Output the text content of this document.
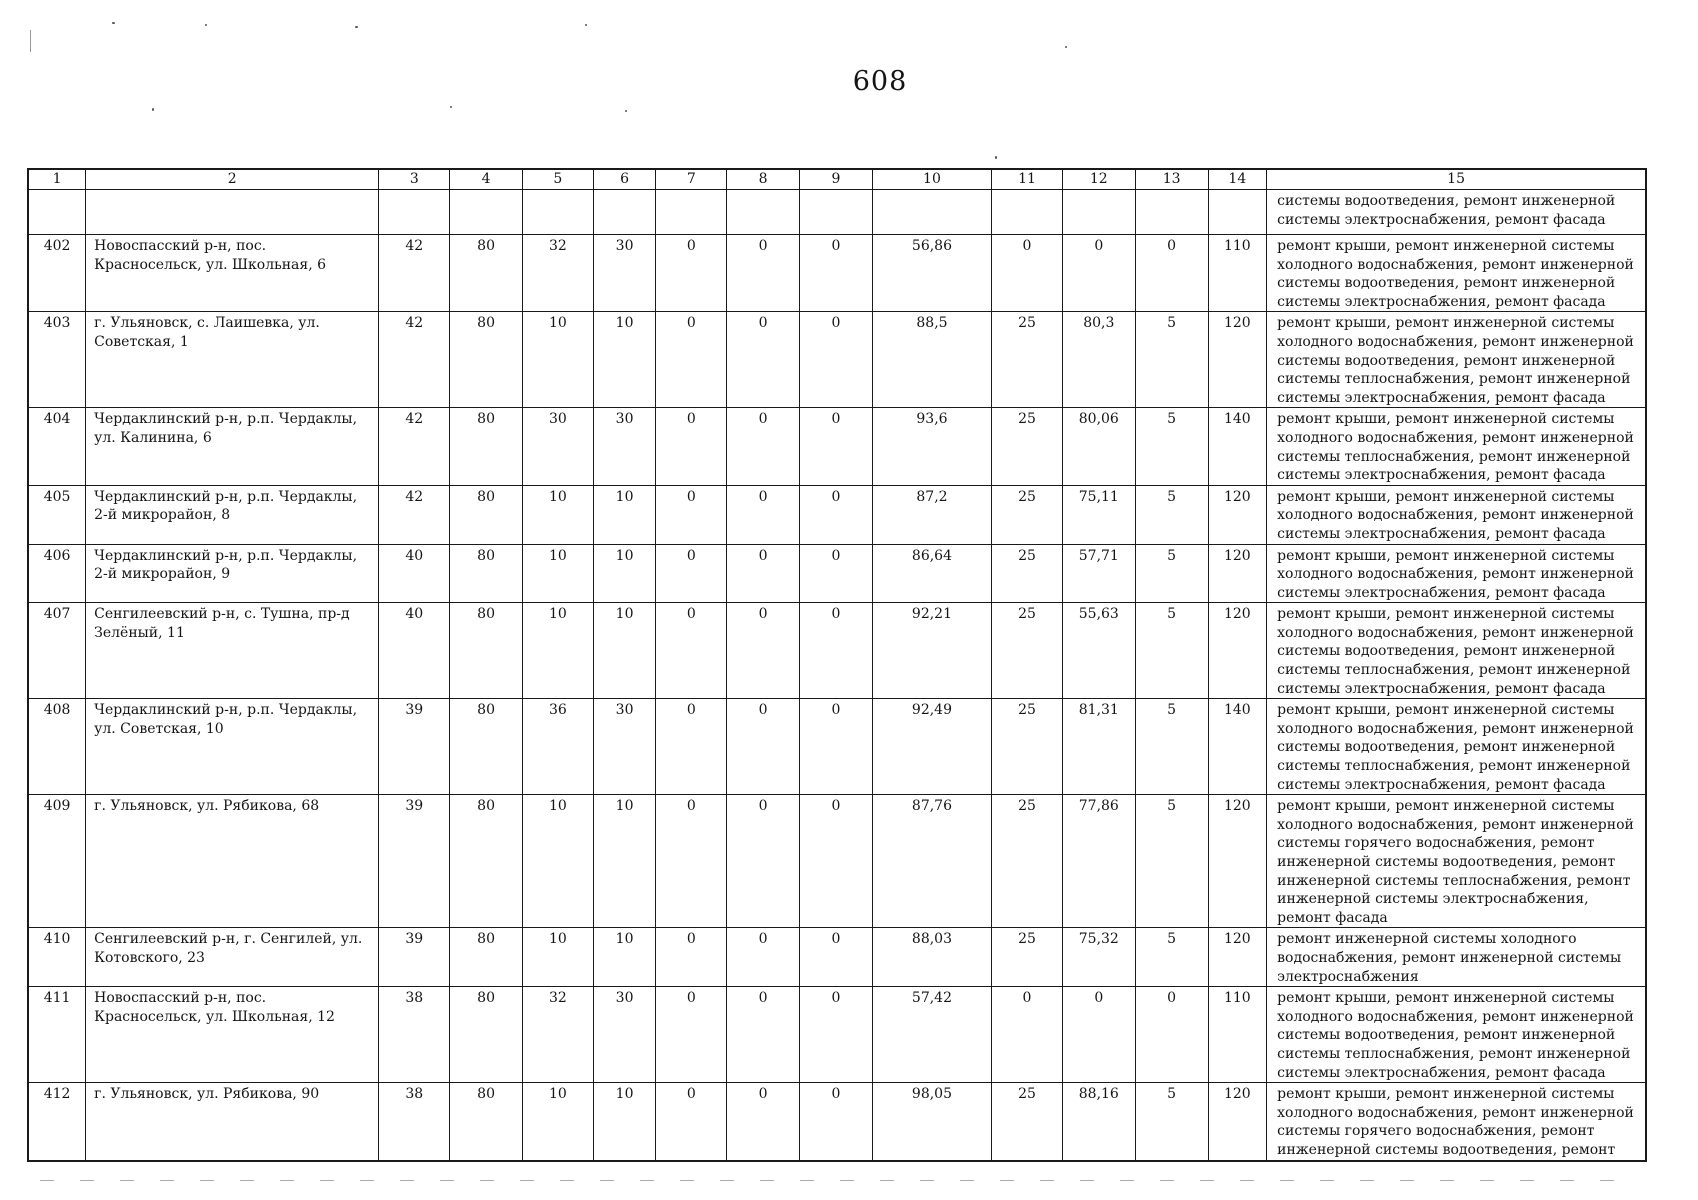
608
1	2	3	4	5	6	7	8	9	10	11	12	13	14	15
														системы водоотведения, ремонт инженерной системы электроснабжения, ремонт фасада
402	Новоспасский р-н, пос. Красносельск, ул. Школьная, 6	42	80	32	30	0	0	0	56,86	0	0	0	110	ремонт крыши, ремонт инженерной системы холодного водоснабжения, ремонт инженерной системы водоотведения, ремонт инженерной системы электроснабжения, ремонт фасада
403	г. Ульяновск, с. Лаишевка, ул. Советская, 1	42	80	10	10	0	0	0	88,5	25	80,3	5	120	ремонт крыши, ремонт инженерной системы холодного водоснабжения, ремонт инженерной системы водоотведения, ремонт инженерной системы теплоснабжения, ремонт инженерной системы электроснабжения, ремонт фасада
404	Чердаклинский р-н, р.п. Чердаклы, ул. Калинина, 6	42	80	30	30	0	0	0	93,6	25	80,06	5	140	ремонт крыши, ремонт инженерной системы холодного водоснабжения, ремонт инженерной системы теплоснабжения, ремонт инженерной системы электроснабжения, ремонт фасада
405	Чердаклинский р-н, р.п. Чердаклы, 2-й микрорайон, 8	42	80	10	10	0	0	0	87,2	25	75,11	5	120	ремонт крыши, ремонт инженерной системы холодного водоснабжения, ремонт инженерной системы электроснабжения, ремонт фасада
406	Чердаклинский р-н, р.п. Чердаклы, 2-й микрорайон, 9	40	80	10	10	0	0	0	86,64	25	57,71	5	120	ремонт крыши, ремонт инженерной системы холодного водоснабжения, ремонт инженерной системы электроснабжения, ремонт фасада
407	Сенгилеевский р-н, с. Тушна, пр-д Зелёный, 11	40	80	10	10	0	0	0	92,21	25	55,63	5	120	ремонт крыши, ремонт инженерной системы холодного водоснабжения, ремонт инженерной системы водоотведения, ремонт инженерной системы теплоснабжения, ремонт инженерной системы электроснабжения, ремонт фасада
408	Чердаклинский р-н, р.п. Чердаклы, ул. Советская, 10	39	80	36	30	0	0	0	92,49	25	81,31	5	140	ремонт крыши, ремонт инженерной системы холодного водоснабжения, ремонт инженерной системы водоотведения, ремонт инженерной системы теплоснабжения, ремонт инженерной системы электроснабжения, ремонт фасада
409	г. Ульяновск, ул. Рябикова, 68	39	80	10	10	0	0	0	87,76	25	77,86	5	120	ремонт крыши, ремонт инженерной системы холодного водоснабжения, ремонт инженерной системы горячего водоснабжения, ремонт инженерной системы водоотведения, ремонт инженерной системы теплоснабжения, ремонт инженерной системы электроснабжения, ремонт фасада
410	Сенгилеевский р-н, г. Сенгилей, ул. Котовского, 23	39	80	10	10	0	0	0	88,03	25	75,32	5	120	ремонт инженерной системы холодного водоснабжения, ремонт инженерной системы электроснабжения
411	Новоспасский р-н, пос. Красносельск, ул. Школьная, 12	38	80	32	30	0	0	0	57,42	0	0	0	110	ремонт крыши, ремонт инженерной системы холодного водоснабжения, ремонт инженерной системы водоотведения, ремонт инженерной системы теплоснабжения, ремонт инженерной системы электроснабжения, ремонт фасада
412	г. Ульяновск, ул. Рябикова, 90	38	80	10	10	0	0	0	98,05	25	88,16	5	120	ремонт крыши, ремонт инженерной системы холодного водоснабжения, ремонт инженерной системы горячего водоснабжения, ремонт инженерной системы водоотведения, ремонт
